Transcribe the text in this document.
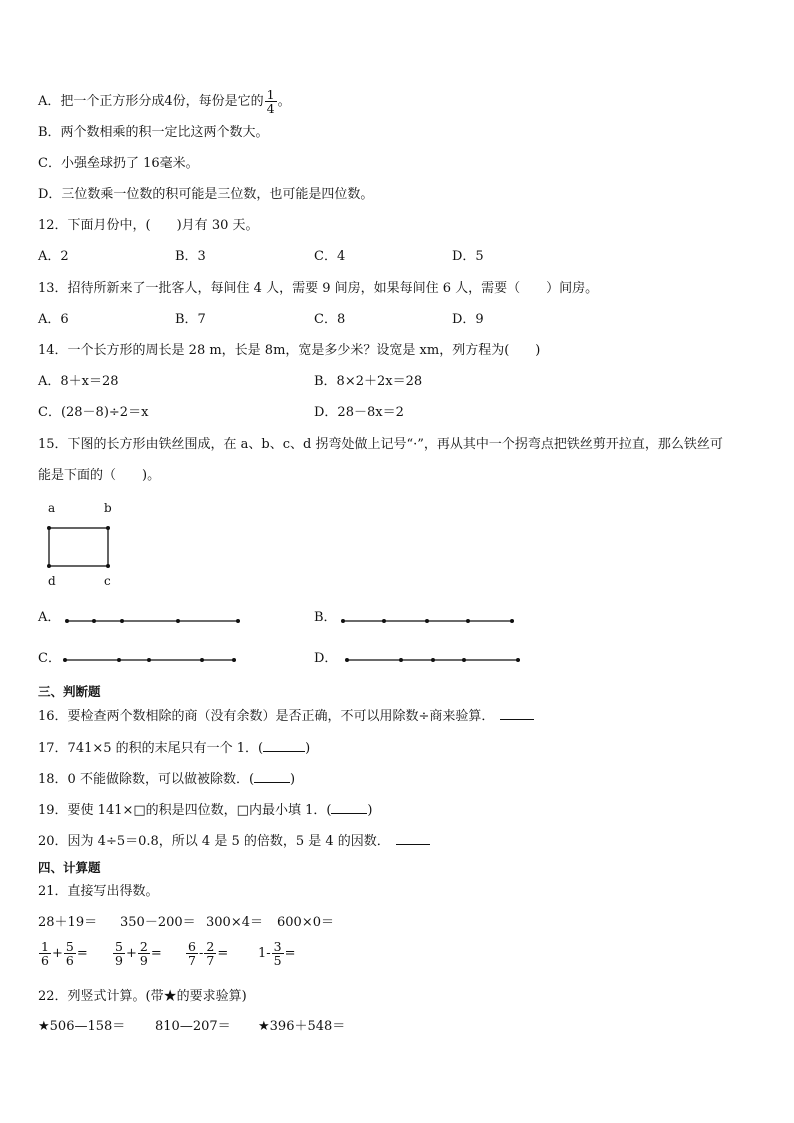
A．把一个正方形分成4份，每份是它的 $\frac{1}{4}$ 。
B．两个数相乘的积一定比这两个数大。
C．小强垒球扔了 16毫米。
D．三位数乘一位数的积可能是三位数，也可能是四位数。
12．下面月份中，(　　)月有 30 天。
A．2	B．3	C．4	D．5
13．招待所新来了一批客人，每间住 4 人，需要 9 间房，如果每间住 6 人，需要（　　）间房。
A．6	B．7	C．8	D．9
14．一个长方形的周长是 28 m，长是 8m，宽是多少米？设宽是 xm，列方程为(　　)
A．8＋x＝28	B．8×2＋2x＝28
C．(28－8)÷2＝x	D．28－8x＝2
15．下图的长方形由铁丝围成，在 a、b、c、d 拐弯处做上记号“·”，再从其中一个拐弯点把铁丝剪开拉直，那么铁丝可
能是下面的（　　)。
a	b
d	c
A．	B．
C．	D．
三、判断题
16．要检查两个数相除的商（没有余数）是否正确，不可以用除数÷商来验算．
17．741×5 的积的末尾只有一个 1．(	)
18．0 不能做除数，可以做被除数．(	)
19．要使 141×□的积是四位数，□内最小填 1．(	)
20．因为 4÷5＝0.8，所以 4 是 5 的倍数，5 是 4 的因数．
四、计算题
21．直接写出得数。
28＋19＝ 350－200＝ 300×4＝ 600×0＝
$\frac{1}{6} + \frac{5}{6} = \frac{5}{9} + \frac{2}{9} = \frac{6}{7} - \frac{2}{7} = 1- \frac{3}{5}$ =
22．列竖式计算。(带★的要求验算)
★506—158＝ 810—207＝ ★396＋548＝
